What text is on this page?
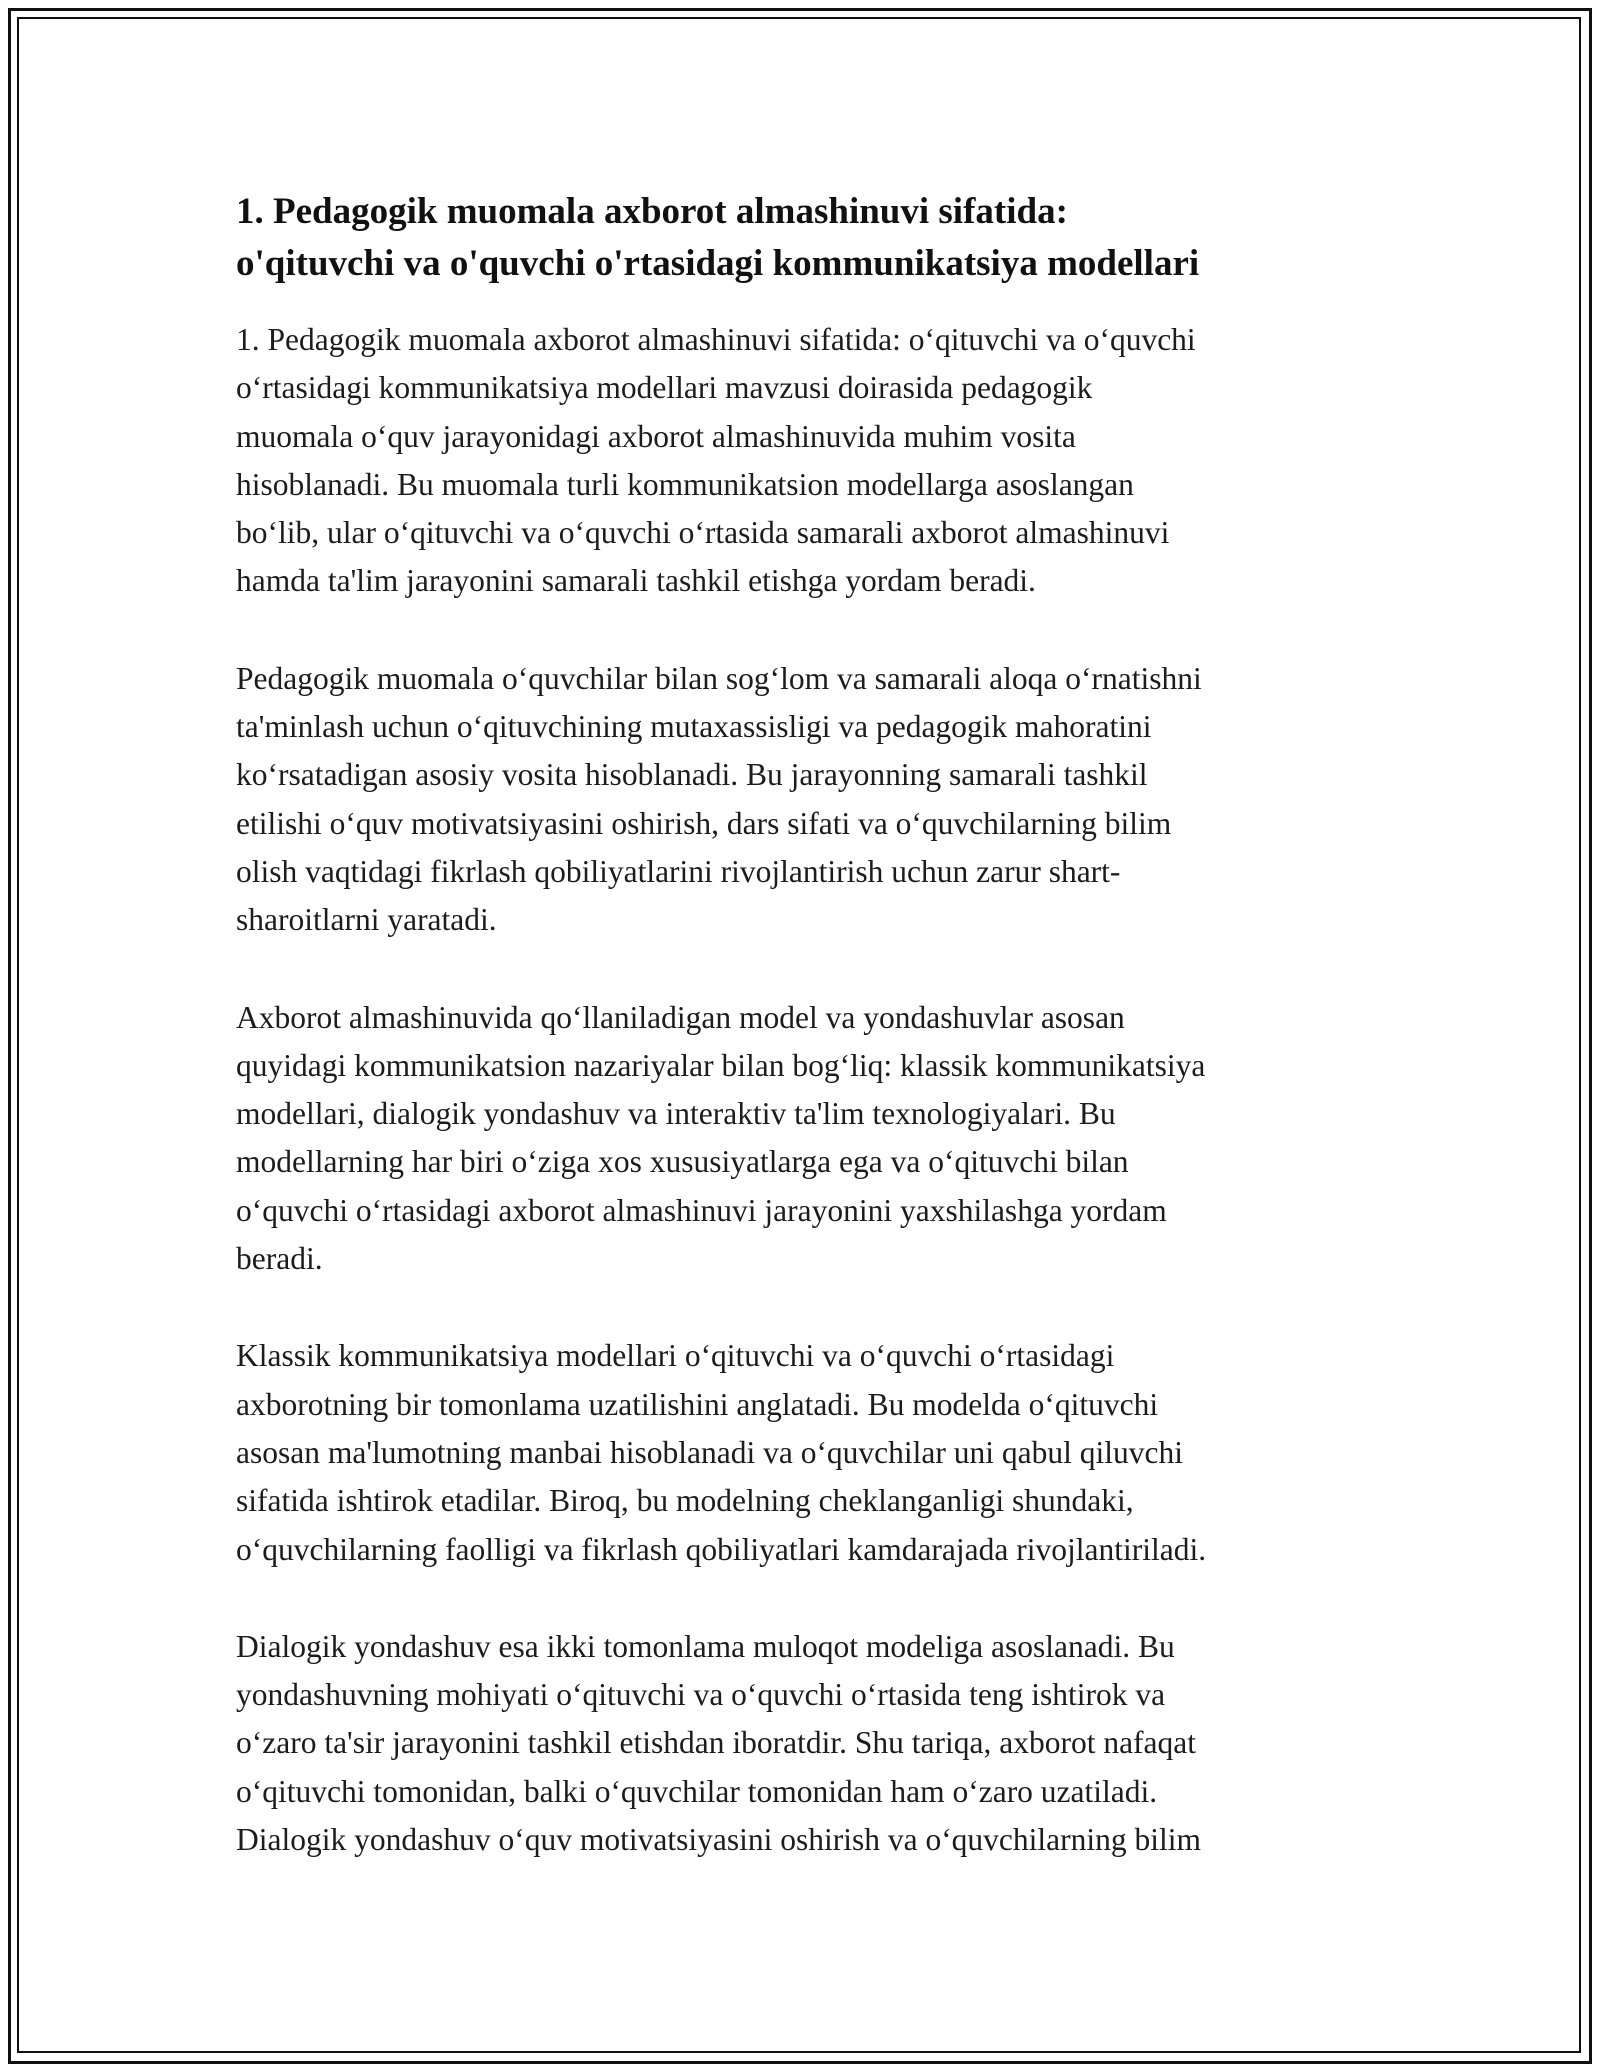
1. Pedagogik muomala axborot almashinuvi sifatida:
o'qituvchi va o'quvchi o'rtasidagi kommunikatsiya modellari

1. Pedagogik muomala axborot almashinuvi sifatida: o‘qituvchi va o‘quvchi
o‘rtasidagi kommunikatsiya modellari mavzusi doirasida pedagogik
muomala o‘quv jarayonidagi axborot almashinuvida muhim vosita
hisoblanadi. Bu muomala turli kommunikatsion modellarga asoslangan
bo‘lib, ular o‘qituvchi va o‘quvchi o‘rtasida samarali axborot almashinuvi
hamda ta'lim jarayonini samarali tashkil etishga yordam beradi.

Pedagogik muomala o‘quvchilar bilan sog‘lom va samarali aloqa o‘rnatishni
ta'minlash uchun o‘qituvchining mutaxassisligi va pedagogik mahoratini
ko‘rsatadigan asosiy vosita hisoblanadi. Bu jarayonning samarali tashkil
etilishi o‘quv motivatsiyasini oshirish, dars sifati va o‘quvchilarning bilim
olish vaqtidagi fikrlash qobiliyatlarini rivojlantirish uchun zarur shart-
sharoitlarni yaratadi.

Axborot almashinuvida qo‘llaniladigan model va yondashuvlar asosan
quyidagi kommunikatsion nazariyalar bilan bog‘liq: klassik kommunikatsiya
modellari, dialogik yondashuv va interaktiv ta'lim texnologiyalari. Bu
modellarning har biri o‘ziga xos xususiyatlarga ega va o‘qituvchi bilan
o‘quvchi o‘rtasidagi axborot almashinuvi jarayonini yaxshilashga yordam
beradi.

Klassik kommunikatsiya modellari o‘qituvchi va o‘quvchi o‘rtasidagi
axborotning bir tomonlama uzatilishini anglatadi. Bu modelda o‘qituvchi
asosan ma'lumotning manbai hisoblanadi va o‘quvchilar uni qabul qiluvchi
sifatida ishtirok etadilar. Biroq, bu modelning cheklanganligi shundaki,
o‘quvchilarning faolligi va fikrlash qobiliyatlari kamdarajada rivojlantiriladi.

Dialogik yondashuv esa ikki tomonlama muloqot modeliga asoslanadi. Bu
yondashuvning mohiyati o‘qituvchi va o‘quvchi o‘rtasida teng ishtirok va
o‘zaro ta'sir jarayonini tashkil etishdan iboratdir. Shu tariqa, axborot nafaqat
o‘qituvchi tomonidan, balki o‘quvchilar tomonidan ham o‘zaro uzatiladi.
Dialogik yondashuv o‘quv motivatsiyasini oshirish va o‘quvchilarning bilim
